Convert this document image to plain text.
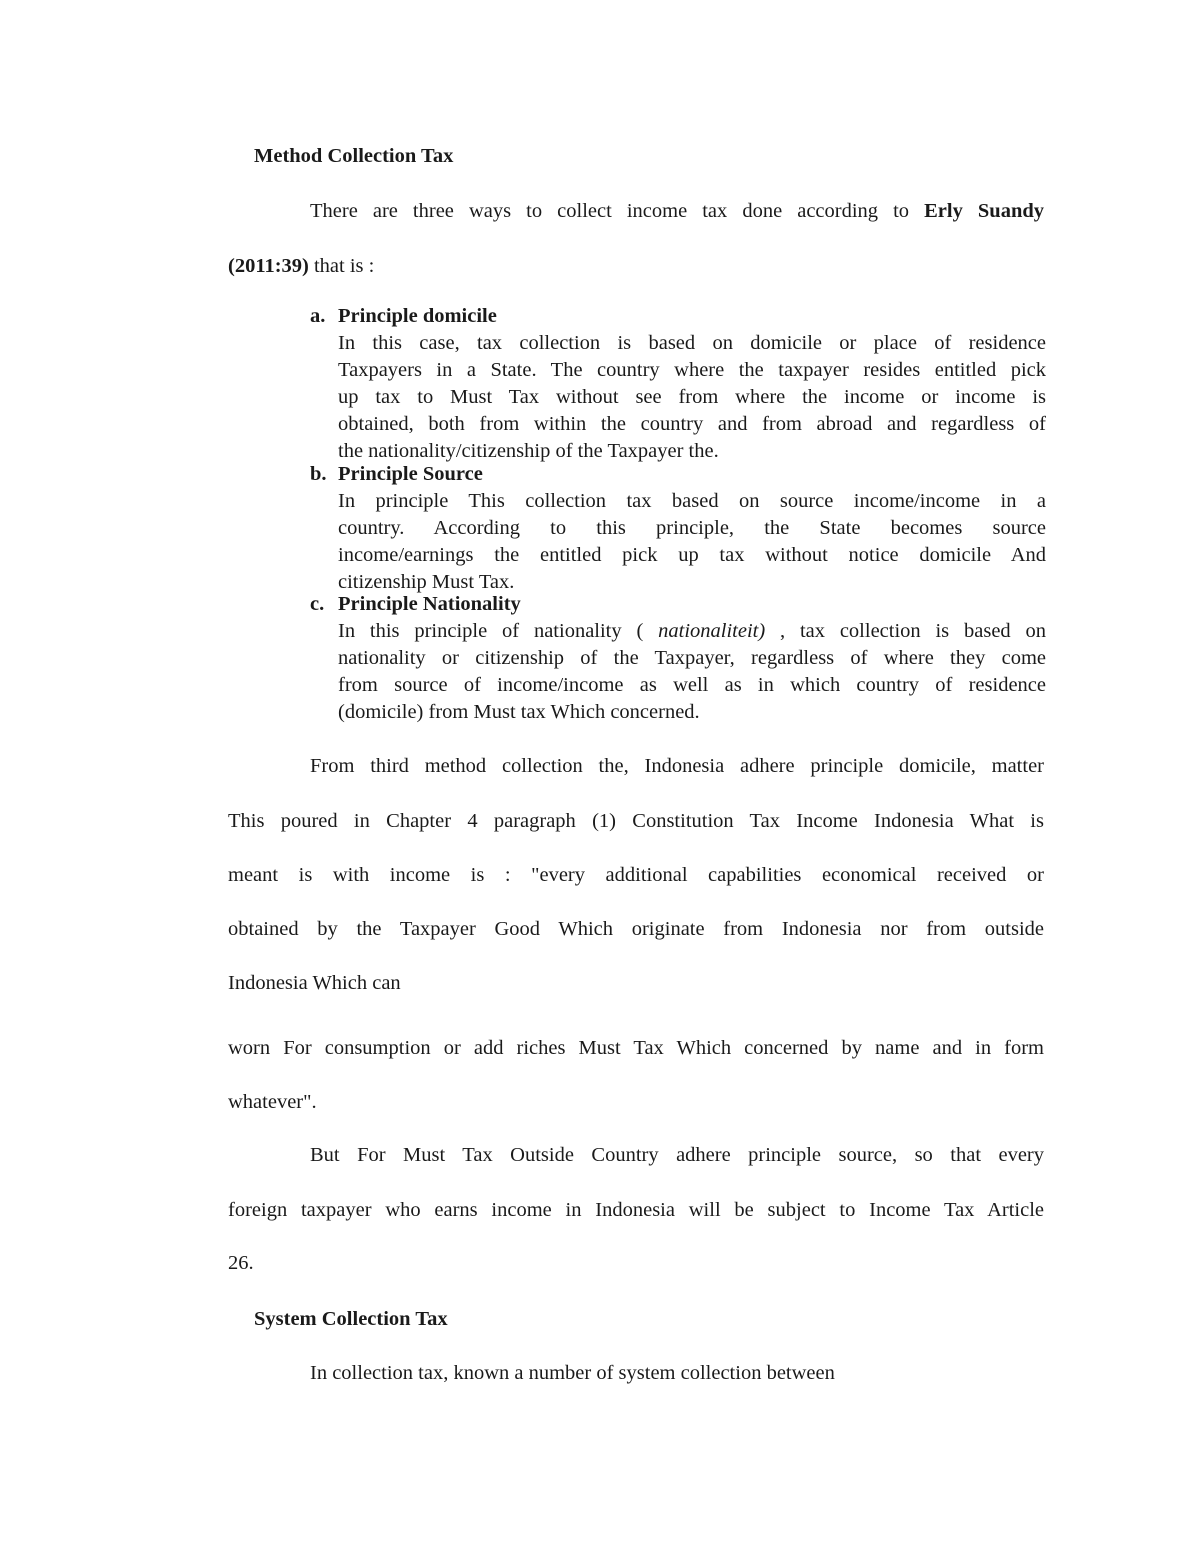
Method Collection Tax
There are three ways to collect income tax done according to Erly Suandy
(2011:39) that is :
a. Principle domicile
In this case, tax collection is based on domicile or place of residence
Taxpayers in a State. The country where the taxpayer resides entitled pick
up tax to Must Tax without see from where the income or income is
obtained, both from within the country and from abroad and regardless of
the nationality/citizenship of the Taxpayer the.
b. Principle Source
In principle This collection tax based on source income/income in a
country. According to this principle, the State becomes source
income/earnings the entitled pick up tax without notice domicile And
citizenship Must Tax.
c. Principle Nationality
In this principle of nationality ( nationaliteit) , tax collection is based on
nationality or citizenship of the Taxpayer, regardless of where they come
from source of income/income as well as in which country of residence
(domicile) from Must tax Which concerned.
From third method collection the, Indonesia adhere principle domicile, matter
This poured in Chapter 4 paragraph (1) Constitution Tax Income Indonesia What is
meant is with income is : "every additional capabilities economical received or
obtained by the Taxpayer Good Which originate from Indonesia nor from outside
Indonesia Which can
worn For consumption or add riches Must Tax Which concerned by name and in form
whatever".
But For Must Tax Outside Country adhere principle source, so that every
foreign taxpayer who earns income in Indonesia will be subject to Income Tax Article
26.
System Collection Tax
In collection tax, known a number of system collection between
